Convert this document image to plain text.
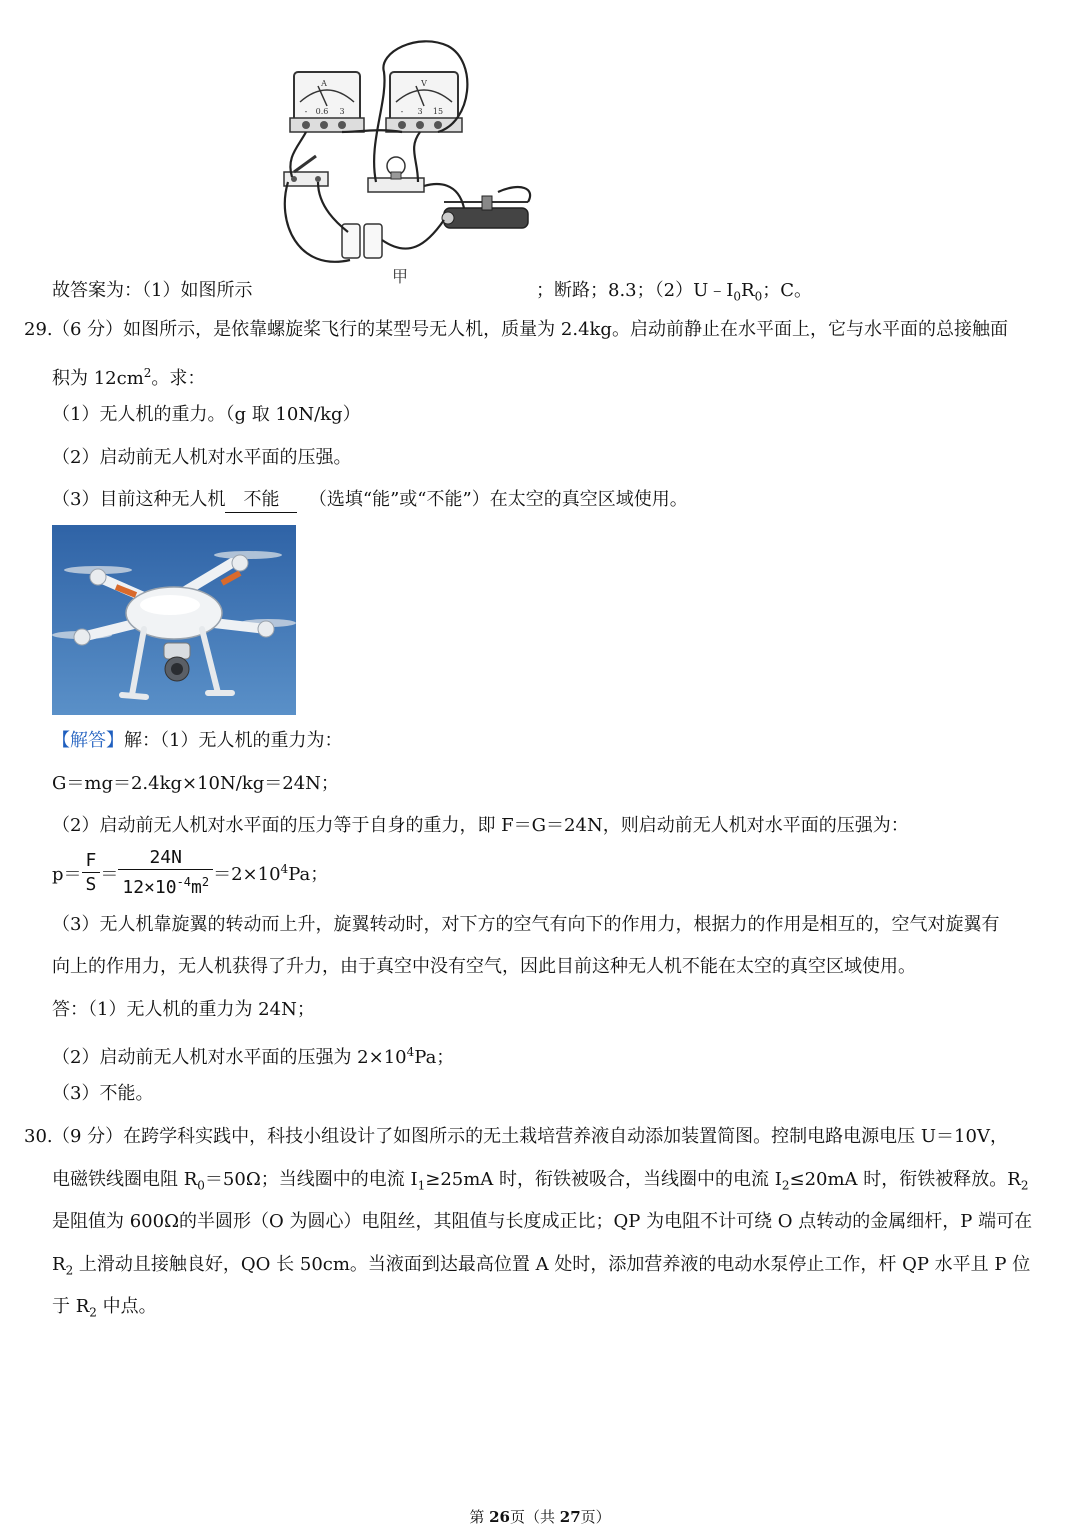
A
- 0.6 3
V
- 3 15
甲
故答案为：（1）如图所示	；断路；8.3；$(2)U﹣I_0R_0$；C。
29. （6 分）如图所示，是依靠螺旋桨飞行的某型号无人机，质量为 2.4kg。启动前静止在水平面上，它与水平面的总接触面
积为 $12cm^2$。求：
（1）无人机的重力。（g 取 10N/kg）
（2）启动前无人机对水平面的压强。
（3）目前这种无人机 不能 （选填“能”或“不能”）在太空的真空区域使用。
【解答】解：（1）无人机的重力为：
G＝mg＝2.4kg×10N/kg＝24N；
（2）启动前无人机对水平面的压力等于自身的重力，即 F＝G＝24N，则启动前无人机对水平面的压强为：
$p= \frac{F}{S} = \frac{24N}{12\times 10^{-4}m^2} =2\times 10^4Pa$；
（3）无人机靠旋翼的转动而上升，旋翼转动时，对下方的空气有向下的作用力，根据力的作用是相互的，空气对旋翼有
向上的作用力，无人机获得了升力，由于真空中没有空气，因此目前这种无人机不能在太空的真空区域使用。
答：（1）无人机的重力为 24N；
（2）启动前无人机对水平面的压强为 $2\times 10^4Pa$；
（3）不能。
30. （9 分）在跨学科实践中，科技小组设计了如图所示的无土栽培营养液自动添加装置简图。控制电路电源电压 U＝10V，
电磁铁线圈电阻 $R_0=50\Omega$；当线圈中的电流 $I_1\ge 25mA$ 时，衔铁被吸合，当线圈中的电流 $I_2\le 20mA$ 时，衔铁被释放。$R_2$
是阻值为 600Ω的半圆形（O 为圆心）电阻丝，其阻值与长度成正比；QP 为电阻不计可绕 O 点转动的金属细杆，P 端可在
$R_2$ 上滑动且接触良好，QO 长 50cm。当液面到达最高位置 A 处时，添加营养液的电动水泵停止工作，杆 QP 水平且 P 位
于 $R_2$ 中点。
第 26页（共 27页）
